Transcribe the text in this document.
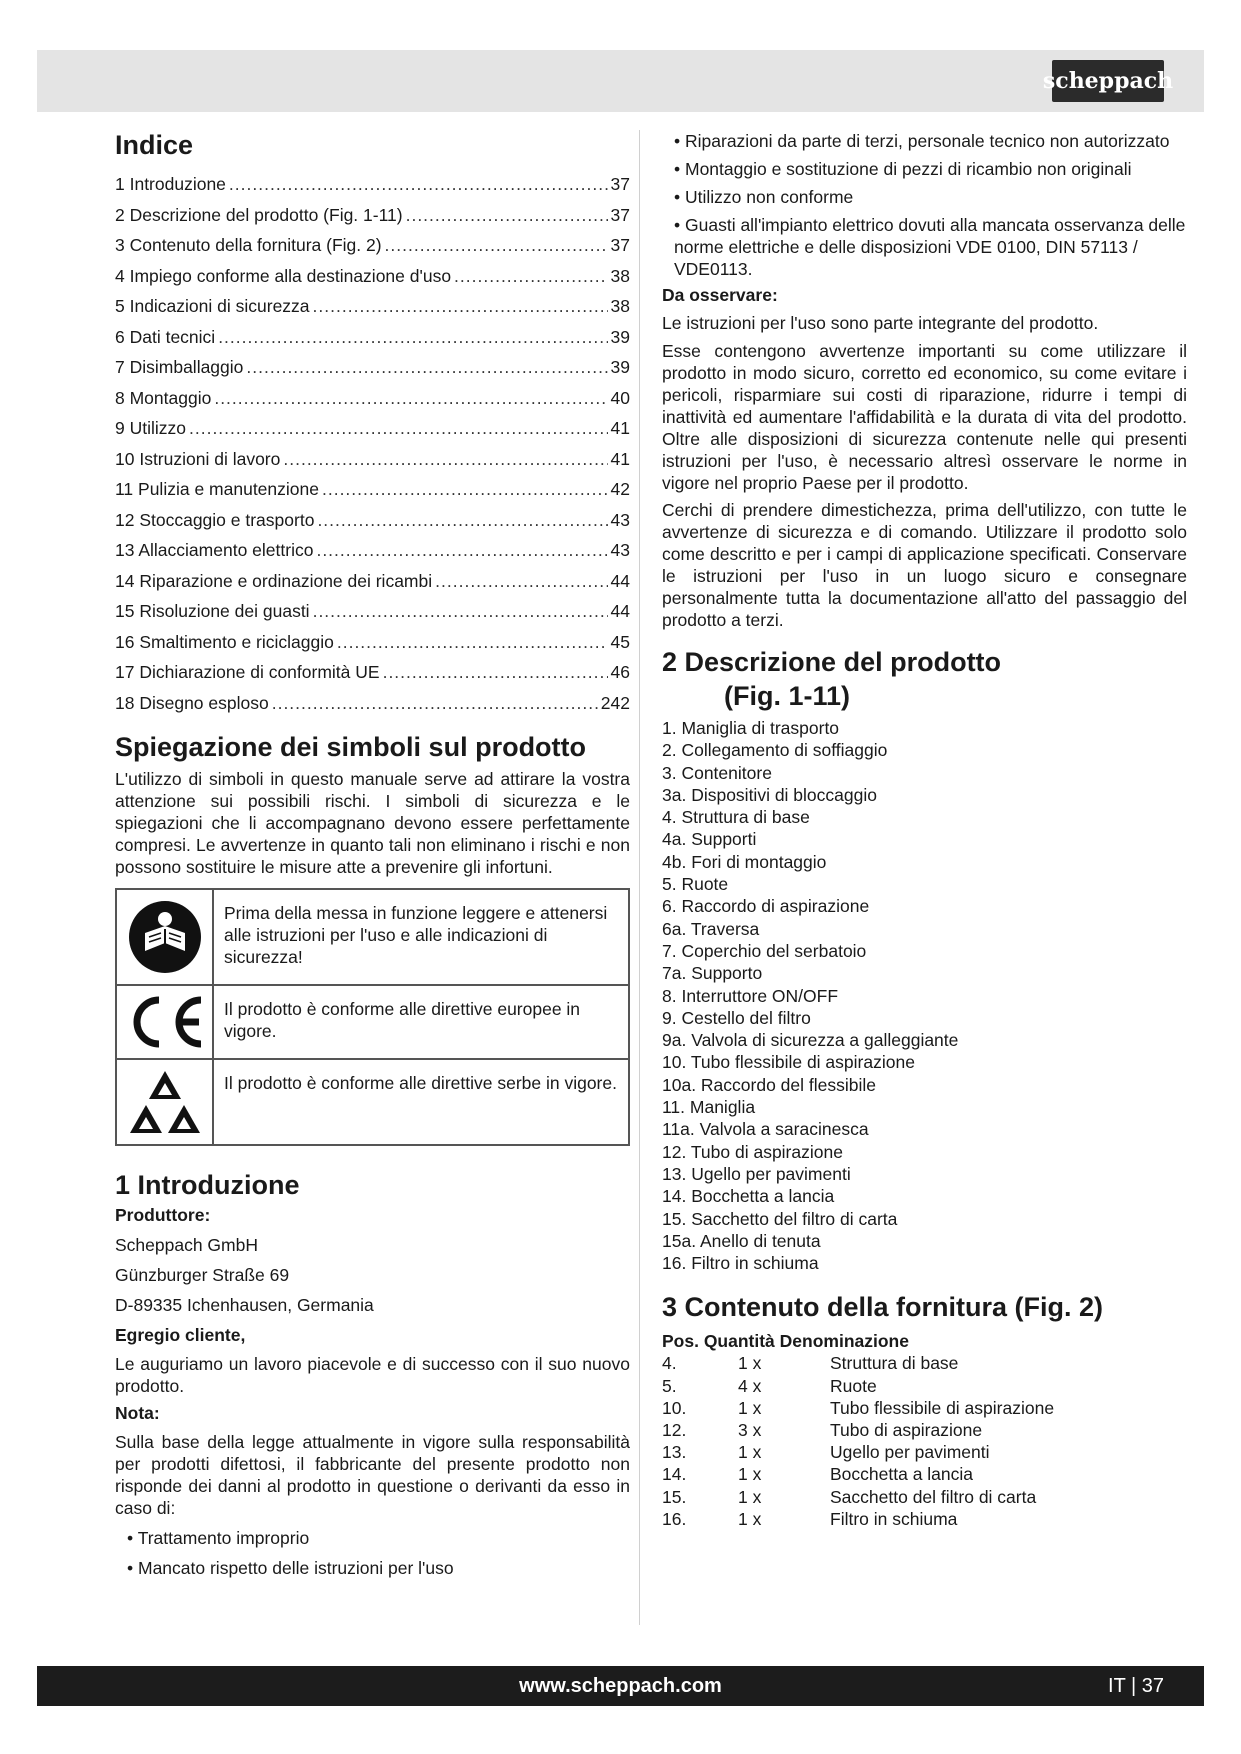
scheppach
Indice
1 Introduzione .....	37
2 Descrizione del prodotto (Fig. 1-11) .....	37
3 Contenuto della fornitura (Fig. 2) .....	37
4 Impiego conforme alla destinazione d'uso .....	38
5 Indicazioni di sicurezza .....	38
6 Dati tecnici .....	39
7 Disimballaggio .....	39
8 Montaggio .....	40
9 Utilizzo .....	41
10 Istruzioni di lavoro .....	41
11 Pulizia e manutenzione .....	42
12 Stoccaggio e trasporto .....	43
13 Allacciamento elettrico .....	43
14 Riparazione e ordinazione dei ricambi .....	44
15 Risoluzione dei guasti .....	44
16 Smaltimento e riciclaggio .....	45
17 Dichiarazione di conformità UE .....	46
18 Disegno esploso .....	242
Spiegazione dei simboli sul prodotto

L'utilizzo di simboli in questo manuale serve ad attirare la vostra attenzione sui possibili rischi. I simboli di sicurezza e le spiegazioni che li accompagnano devono essere perfettamente compresi. Le avvertenze in quanto tali non eliminano i rischi e non possono sostituire le misure atte a prevenire gli infortuni.

Prima della messa in funzione leggere e attenersi alle istruzioni per l'uso e alle indicazioni di sicurezza!
Il prodotto è conforme alle direttive europee in vigore.
Il prodotto è conforme alle direttive serbe in vigore.
1 Introduzione

Produttore:

Scheppach GmbH

Günzburger Straße 69

D-89335 Ichenhausen, Germania

Egregio cliente,

Le auguriamo un lavoro piacevole e di successo con il suo nuovo prodotto.

Nota:

Sulla base della legge attualmente in vigore sulla responsabilità per prodotti difettosi, il fabbricante del presente prodotto non risponde dei danni al prodotto in questione o derivanti da esso in caso di:

• Trattamento improprio

• Mancato rispetto delle istruzioni per l'uso

• Riparazioni da parte di terzi, personale tecnico non autorizzato

• Montaggio e sostituzione di pezzi di ricambio non originali

• Utilizzo non conforme

• Guasti all'impianto elettrico dovuti alla mancata osservanza delle norme elettriche e delle disposizioni VDE 0100, DIN 57113 / VDE0113.

Da osservare:

Le istruzioni per l'uso sono parte integrante del prodotto.

Esse contengono avvertenze importanti su come utilizzare il prodotto in modo sicuro, corretto ed economico, su come evitare i pericoli, risparmiare sui costi di riparazione, ridurre i tempi di inattività ed aumentare l'affidabilità e la durata di vita del prodotto. Oltre alle disposizioni di sicurezza contenute nelle qui presenti istruzioni per l'uso, è necessario altresì osservare le norme in vigore nel proprio Paese per il prodotto.

Cerchi di prendere dimestichezza, prima dell'utilizzo, con tutte le avvertenze di sicurezza e di comando. Utilizzare il prodotto solo come descritto e per i campi di applicazione specificati. Conservare le istruzioni per l'uso in un luogo sicuro e consegnare personalmente tutta la documentazione all'atto del passaggio del prodotto a terzi.

2 Descrizione del prodotto
(Fig. 1-11)
1. Maniglia di trasporto
2. Collegamento di soffiaggio
3. Contenitore
3a. Dispositivi di bloccaggio
4. Struttura di base
4a. Supporti
4b. Fori di montaggio
5. Ruote
6. Raccordo di aspirazione
6a. Traversa
7. Coperchio del serbatoio
7a. Supporto
8. Interruttore ON/OFF
9. Cestello del filtro
9a. Valvola di sicurezza a galleggiante
10. Tubo flessibile di aspirazione
10a. Raccordo del flessibile
11. Maniglia
11a. Valvola a saracinesca
12. Tubo di aspirazione
13. Ugello per pavimenti
14. Bocchetta a lancia
15. Sacchetto del filtro di carta
15a. Anello di tenuta
16. Filtro in schiuma
3 Contenuto della fornitura (Fig. 2)

Pos. Quantità Denominazione

4.	1 x	Struttura di base
5.	4 x	Ruote
10.	1 x	Tubo flessibile di aspirazione
12.	3 x	Tubo di aspirazione
13.	1 x	Ugello per pavimenti
14.	1 x	Bocchetta a lancia
15.	1 x	Sacchetto del filtro di carta
16.	1 x	Filtro in schiuma
www.scheppach.com	IT | 37
